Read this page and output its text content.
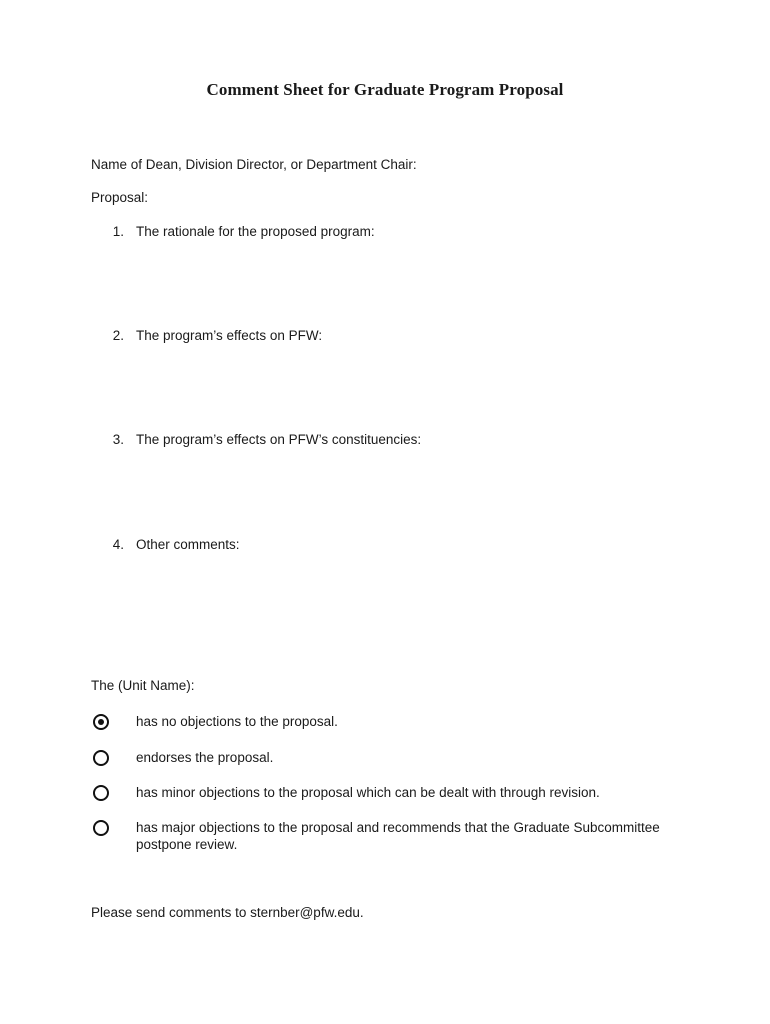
Comment Sheet for Graduate Program Proposal
Name of Dean, Division Director, or Department Chair:
Proposal:
1. The rationale for the proposed program:
2. The program’s effects on PFW:
3. The program’s effects on PFW’s constituencies:
4. Other comments:
The (Unit Name):
has no objections to the proposal.
endorses the proposal.
has minor objections to the proposal which can be dealt with through revision.
has major objections to the proposal and recommends that the Graduate Subcommittee postpone review.
Please send comments to sternber@pfw.edu.
